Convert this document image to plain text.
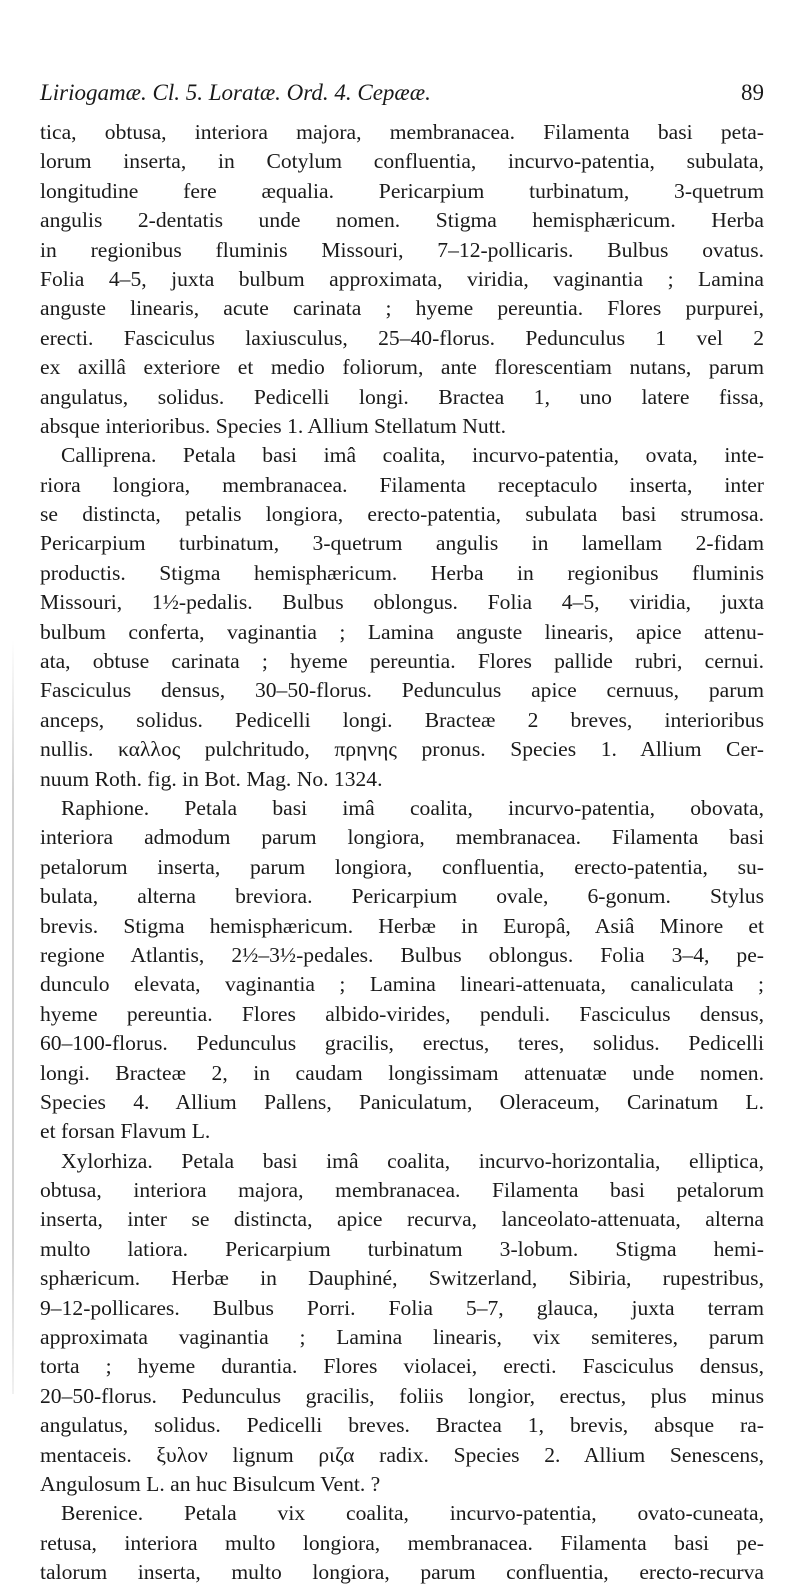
Liriogamæ. Cl. 5. Loratæ. Ord. 4. Cepææ.	89
tica, obtusa, interiora majora, membranacea. Filamenta basi peta-
lorum inserta, in Cotylum confluentia, incurvo-patentia, subulata,
longitudine fere æqualia. Pericarpium turbinatum, 3-quetrum
angulis 2-dentatis unde nomen. Stigma hemisphæricum. Herba
in regionibus fluminis Missouri, 7–12-pollicaris. Bulbus ovatus.
Folia 4–5, juxta bulbum approximata, viridia, vaginantia ; Lamina
anguste linearis, acute carinata ; hyeme pereuntia. Flores purpurei,
erecti. Fasciculus laxiusculus, 25–40-florus. Pedunculus 1 vel 2
ex axillâ exteriore et medio foliorum, ante florescentiam nutans, parum
angulatus, solidus. Pedicelli longi. Bractea 1, uno latere fissa,
absque interioribus. Species 1. Allium Stellatum Nutt.
Calliprena. Petala basi imâ coalita, incurvo-patentia, ovata, inte-
riora longiora, membranacea. Filamenta receptaculo inserta, inter
se distincta, petalis longiora, erecto-patentia, subulata basi strumosa.
Pericarpium turbinatum, 3-quetrum angulis in lamellam 2-fidam
productis. Stigma hemisphæricum. Herba in regionibus fluminis
Missouri, 1½-pedalis. Bulbus oblongus. Folia 4–5, viridia, juxta
bulbum conferta, vaginantia ; Lamina anguste linearis, apice attenu-
ata, obtuse carinata ; hyeme pereuntia. Flores pallide rubri, cernui.
Fasciculus densus, 30–50-florus. Pedunculus apice cernuus, parum
anceps, solidus. Pedicelli longi. Bracteæ 2 breves, interioribus
nullis. καλλος pulchritudo, πρηνης pronus. Species 1. Allium Cer-
nuum Roth. fig. in Bot. Mag. No. 1324.
Raphione. Petala basi imâ coalita, incurvo-patentia, obovata,
interiora admodum parum longiora, membranacea. Filamenta basi
petalorum inserta, parum longiora, confluentia, erecto-patentia, su-
bulata, alterna breviora. Pericarpium ovale, 6-gonum. Stylus
brevis. Stigma hemisphæricum. Herbæ in Europâ, Asiâ Minore et
regione Atlantis, 2½–3½-pedales. Bulbus oblongus. Folia 3–4, pe-
dunculo elevata, vaginantia ; Lamina lineari-attenuata, canaliculata ;
hyeme pereuntia. Flores albido-virides, penduli. Fasciculus densus,
60–100-florus. Pedunculus gracilis, erectus, teres, solidus. Pedicelli
longi. Bracteæ 2, in caudam longissimam attenuatæ unde nomen.
Species 4. Allium Pallens, Paniculatum, Oleraceum, Carinatum L.
et forsan Flavum L.
Xylorhiza. Petala basi imâ coalita, incurvo-horizontalia, elliptica,
obtusa, interiora majora, membranacea. Filamenta basi petalorum
inserta, inter se distincta, apice recurva, lanceolato-attenuata, alterna
multo latiora. Pericarpium turbinatum 3-lobum. Stigma hemi-
sphæricum. Herbæ in Dauphiné, Switzerland, Sibiria, rupestribus,
9–12-pollicares. Bulbus Porri. Folia 5–7, glauca, juxta terram
approximata vaginantia ; Lamina linearis, vix semiteres, parum
torta ; hyeme durantia. Flores violacei, erecti. Fasciculus densus,
20–50-florus. Pedunculus gracilis, foliis longior, erectus, plus minus
angulatus, solidus. Pedicelli breves. Bractea 1, brevis, absque ra-
mentaceis. ξυλον lignum ριζα radix. Species 2. Allium Senescens,
Angulosum L. an huc Bisulcum Vent. ?
Berenice. Petala vix coalita, incurvo-patentia, ovato-cuneata,
retusa, interiora multo longiora, membranacea. Filamenta basi pe-
talorum inserta, multo longiora, parum confluentia, erecto-recurva
